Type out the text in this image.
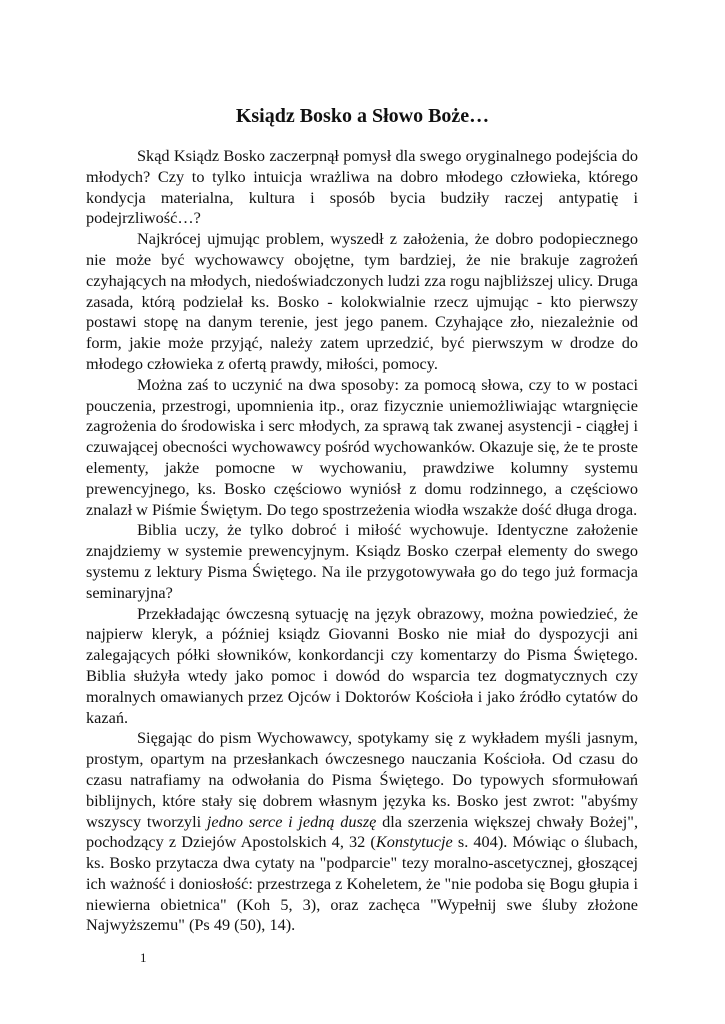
Ksiądz Bosko a Słowo Boże…

Skąd Ksiądz Bosko zaczerpnął pomysł dla swego oryginalnego podejścia do młodych? Czy to tylko intuicja wrażliwa na dobro młodego człowieka, którego kondycja materialna, kultura i sposób bycia budziły raczej antypatię i podejrzliwość…?

Najkrócej ujmując problem, wyszedł z założenia, że dobro podopiecznego nie może być wychowawcy obojętne, tym bardziej, że nie brakuje zagrożeń czyhających na młodych, niedoświadczonych ludzi zza rogu najbliższej ulicy. Druga zasada, którą podzielał ks. Bosko - kolokwialnie rzecz ujmując - kto pierwszy postawi stopę na danym terenie, jest jego panem. Czyhające zło, niezależnie od form, jakie może przyjąć, należy zatem uprzedzić, być pierwszym w drodze do młodego człowieka z ofertą prawdy, miłości, pomocy.

Można zaś to uczynić na dwa sposoby: za pomocą słowa, czy to w postaci pouczenia, przestrogi, upomnienia itp., oraz fizycznie uniemożliwiając wtargnięcie zagrożenia do środowiska i serc młodych, za sprawą tak zwanej asystencji - ciągłej i czuwającej obecności wychowawcy pośród wychowanków. Okazuje się, że te proste elementy, jakże pomocne w wychowaniu, prawdziwe kolumny systemu prewencyjnego, ks. Bosko częściowo wyniósł z domu rodzinnego, a częściowo znalazł w Piśmie Świętym. Do tego spostrzeżenia wiodła wszakże dość długa droga.

Biblia uczy, że tylko dobroć i miłość wychowuje. Identyczne założenie znajdziemy w systemie prewencyjnym. Ksiądz Bosko czerpał elementy do swego systemu z lektury Pisma Świętego. Na ile przygotowywała go do tego już formacja seminaryjna?

Przekładając ówczesną sytuację na język obrazowy, można powiedzieć, że najpierw kleryk, a później ksiądz Giovanni Bosko nie miał do dyspozycji ani zalegających półki słowników, konkordancji czy komentarzy do Pisma Świętego. Biblia służyła wtedy jako pomoc i dowód do wsparcia tez dogmatycznych czy moralnych omawianych przez Ojców i Doktorów Kościoła i jako źródło cytatów do kazań.

Sięgając do pism Wychowawcy, spotykamy się z wykładem myśli jasnym, prostym, opartym na przesłankach ówczesnego nauczania Kościoła. Od czasu do czasu natrafiamy na odwołania do Pisma Świętego. Do typowych sformułowań biblijnych, które stały się dobrem własnym języka ks. Bosko jest zwrot: "abyśmy wszyscy tworzyli jedno serce i jedną duszę dla szerzenia większej chwały Bożej", pochodzący z Dziejów Apostolskich 4, 32 (Konstytucje s. 404). Mówiąc o ślubach, ks. Bosko przytacza dwa cytaty na "podparcie" tezy moralno-ascetycznej, głoszącej ich ważność i doniosłość: przestrzega z Koheletem, że "nie podoba się Bogu głupia i niewierna obietnica" (Koh 5, 3), oraz zachęca "Wypełnij swe śluby złożone Najwyższemu" (Ps 49 (50), 14).

1
